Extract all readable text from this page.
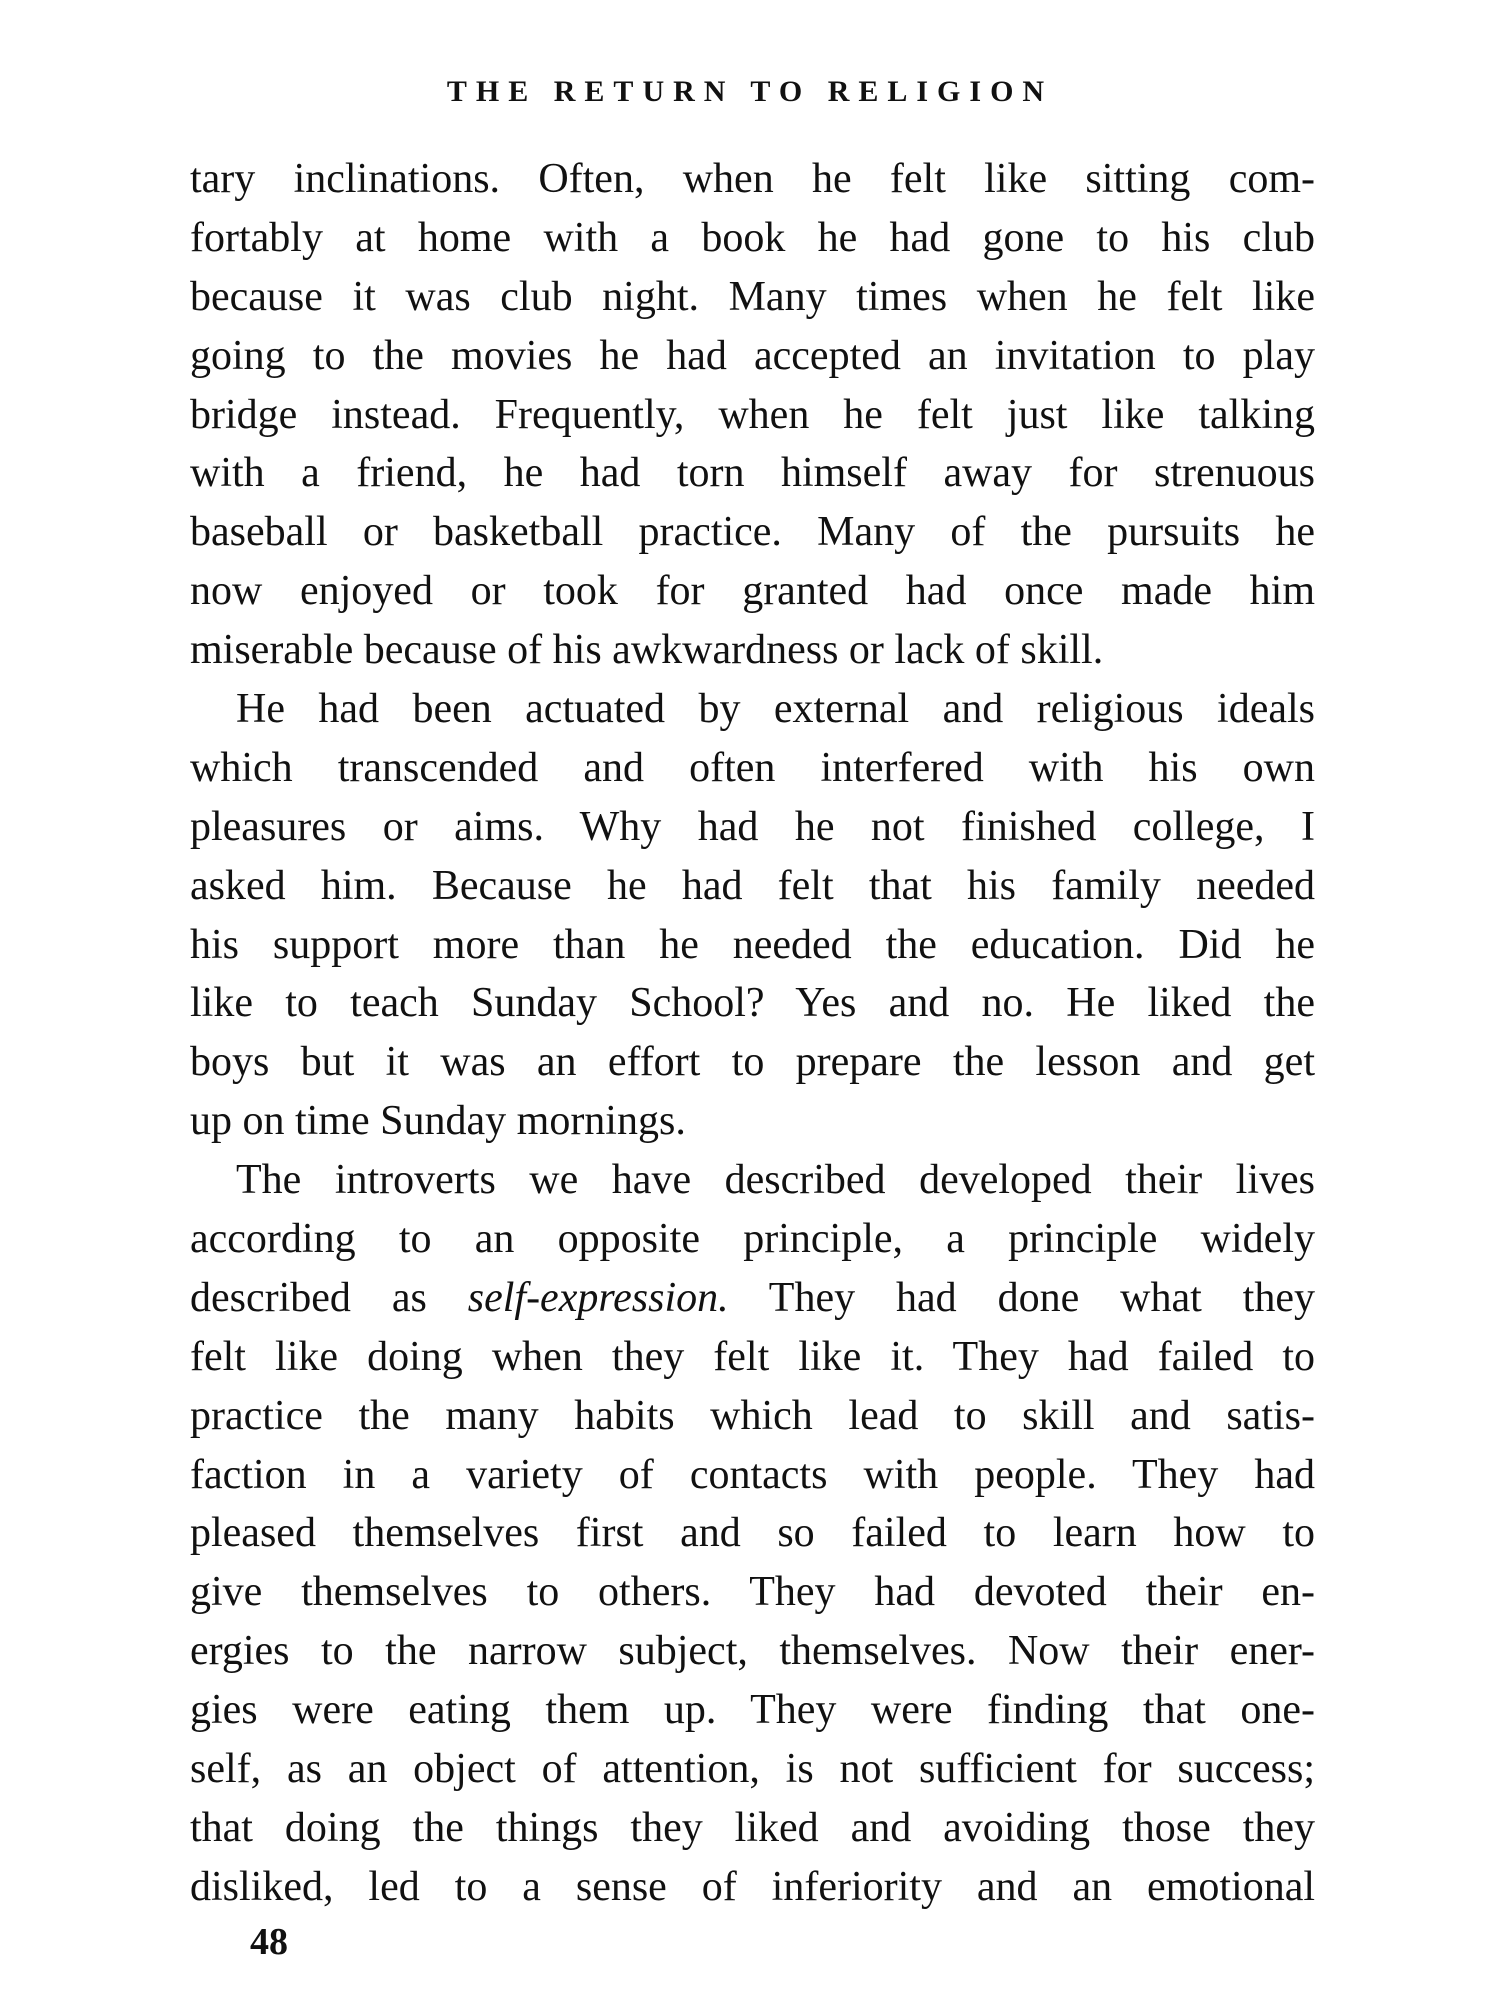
THE RETURN TO RELIGION
tary inclinations. Often, when he felt like sitting com-
fortably at home with a book he had gone to his club
because it was club night. Many times when he felt like
going to the movies he had accepted an invitation to play
bridge instead. Frequently, when he felt just like talking
with a friend, he had torn himself away for strenuous
baseball or basketball practice. Many of the pursuits he
now enjoyed or took for granted had once made him
miserable because of his awkwardness or lack of skill.
He had been actuated by external and religious ideals
which transcended and often interfered with his own
pleasures or aims. Why had he not finished college, I
asked him. Because he had felt that his family needed
his support more than he needed the education. Did he
like to teach Sunday School? Yes and no. He liked the
boys but it was an effort to prepare the lesson and get
up on time Sunday mornings.
The introverts we have described developed their lives
according to an opposite principle, a principle widely
described as self-expression. They had done what they
felt like doing when they felt like it. They had failed to
practice the many habits which lead to skill and satis-
faction in a variety of contacts with people. They had
pleased themselves first and so failed to learn how to
give themselves to others. They had devoted their en-
ergies to the narrow subject, themselves. Now their ener-
gies were eating them up. They were finding that one-
self, as an object of attention, is not sufficient for success;
that doing the things they liked and avoiding those they
disliked, led to a sense of inferiority and an emotional
48
